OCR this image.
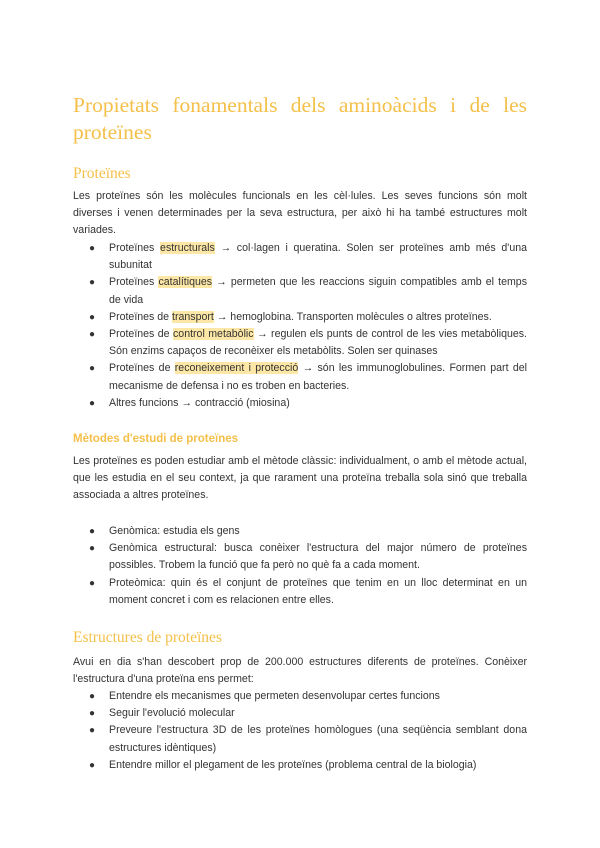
Propietats fonamentals dels aminoàcids i de les proteïnes
Proteïnes

Les proteïnes són les molècules funcionals en les cèl·lules. Les seves funcions són molt diverses i venen determinades per la seva estructura, per això hi ha també estructures molt variades.

● Proteïnes estructurals → col·lagen i queratina. Solen ser proteïnes amb més d'una subunitat
● Proteïnes catalítiques → permeten que les reaccions siguin compatibles amb el temps de vida
● Proteïnes de transport → hemoglobina. Transporten molècules o altres proteïnes.
● Proteïnes de control metabòlic → regulen els punts de control de les vies metabòliques. Són enzims capaços de reconèixer els metabòlits. Solen ser quinases
● Proteïnes de reconeixement i protecció → són les immunoglobulines. Formen part del mecanisme de defensa i no es troben en bacteries.
● Altres funcions → contracció (miosina)
Mètodes d'estudi de proteïnes

Les proteïnes es poden estudiar amb el mètode clàssic: individualment, o amb el mètode actual, que les estudia en el seu context, ja que rarament una proteïna treballa sola sinó que treballa associada a altres proteïnes.

● Genòmica: estudia els gens
● Genòmica estructural: busca conèixer l'estructura del major número de proteïnes possibles. Trobem la funció que fa però no què fa a cada moment.
● Proteòmica: quin és el conjunt de proteïnes que tenim en un lloc determinat en un moment concret i com es relacionen entre elles.
Estructures de proteïnes

Avui en dia s'han descobert prop de 200.000 estructures diferents de proteïnes. Conèixer l'estructura d'una proteïna ens permet:

● Entendre els mecanismes que permeten desenvolupar certes funcions
● Seguir l'evolució molecular
● Preveure l'estructura 3D de les proteïnes homòlogues (una seqüència semblant dona estructures idèntiques)
● Entendre millor el plegament de les proteïnes (problema central de la biologia)
